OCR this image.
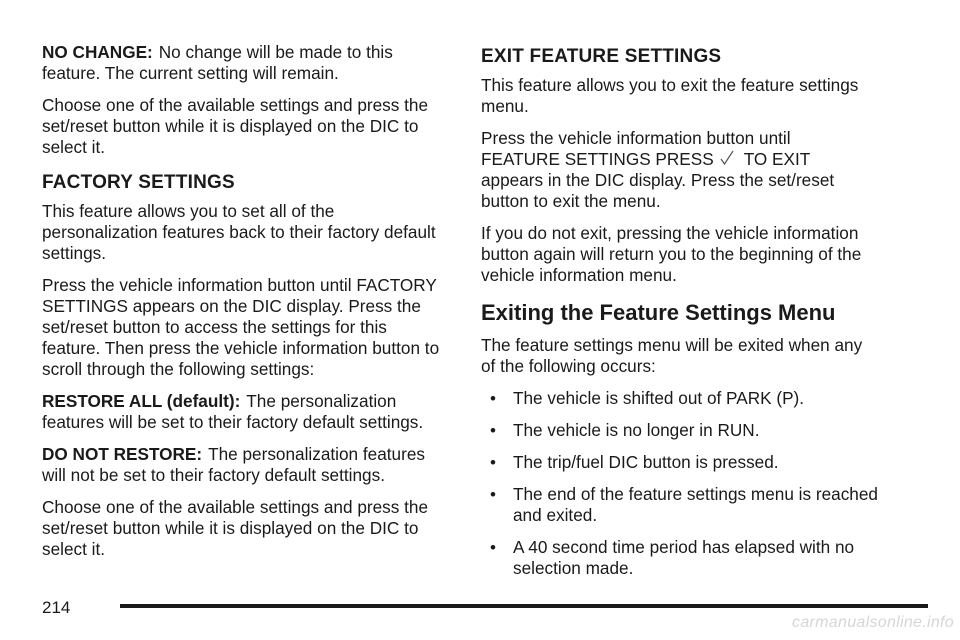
NO CHANGE: No change will be made to this feature. The current setting will remain.

Choose one of the available settings and press the set/reset button while it is displayed on the DIC to select it.

FACTORY SETTINGS

This feature allows you to set all of the personalization features back to their factory default settings.

Press the vehicle information button until FACTORY SETTINGS appears on the DIC display. Press the set/reset button to access the settings for this feature. Then press the vehicle information button to scroll through the following settings:

RESTORE ALL (default): The personalization features will be set to their factory default settings.

DO NOT RESTORE: The personalization features will not be set to their factory default settings.

Choose one of the available settings and press the set/reset button while it is displayed on the DIC to select it.

EXIT FEATURE SETTINGS

This feature allows you to exit the feature settings menu.

Press the vehicle information button until
FEATURE SETTINGS PRESS TO EXIT
appears in the DIC display. Press the set/reset button to exit the menu.

If you do not exit, pressing the vehicle information button again will return you to the beginning of the vehicle information menu.

Exiting the Feature Settings Menu

The feature settings menu will be exited when any of the following occurs:

• The vehicle is shifted out of PARK (P).
• The vehicle is no longer in RUN.
• The trip/fuel DIC button is pressed.
• The end of the feature settings menu is reached and exited.
• A 40 second time period has elapsed with no selection made.
214
carmanualsonline.info
